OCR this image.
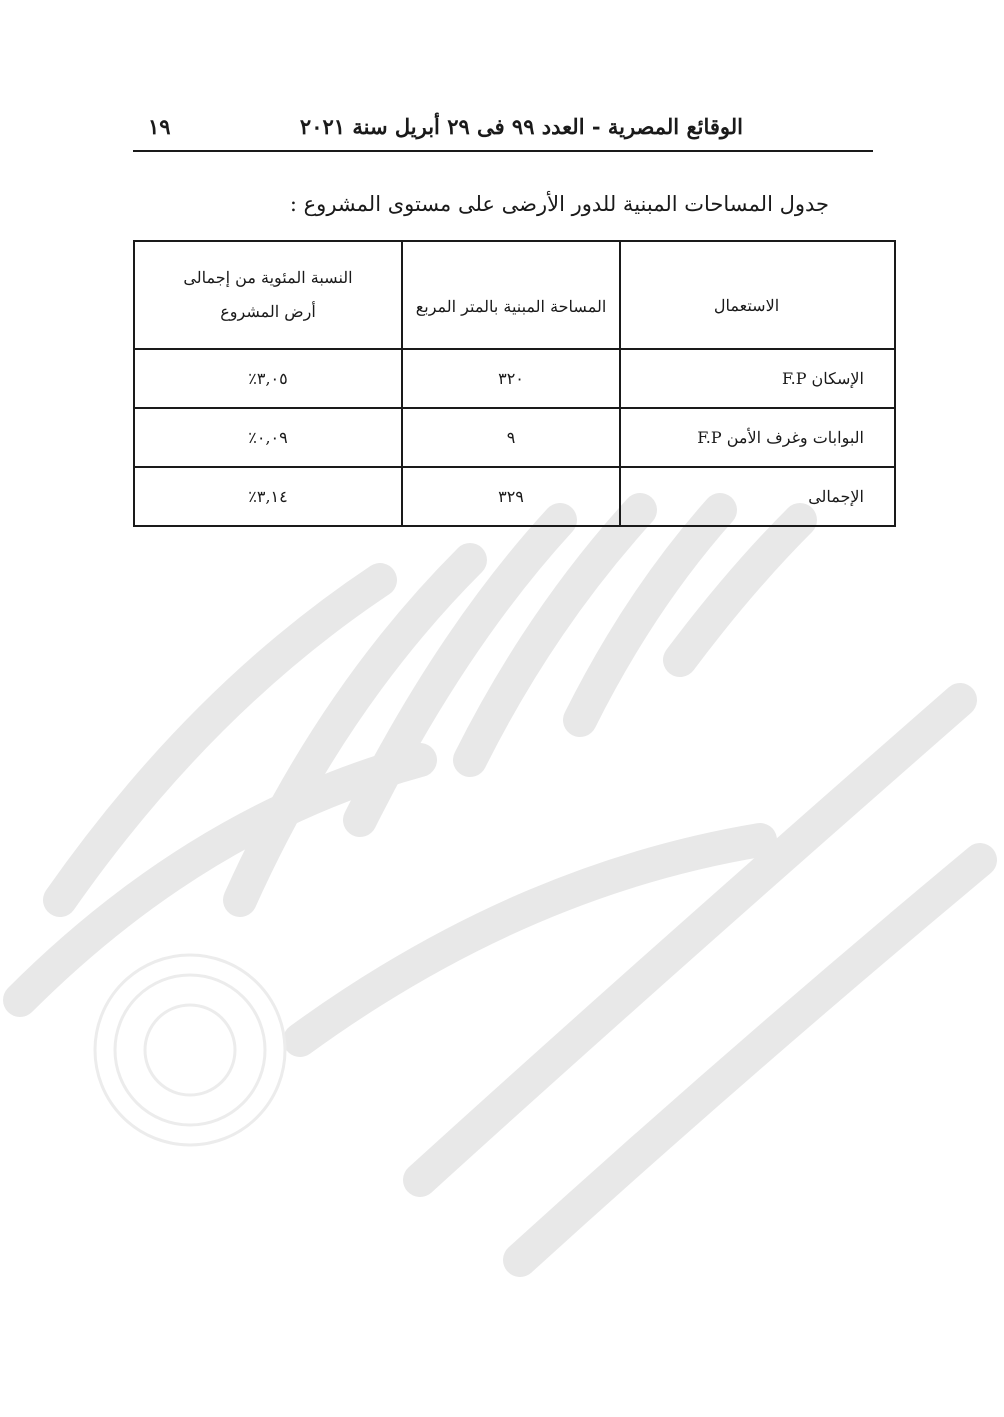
الوقائع المصرية - العدد ٩٩ فى ٢٩ أبريل سنة ٢٠٢١
١٩
جدول المساحات المبنية للدور الأرضى على مستوى المشروع :
الاستعمال	المساحة المبنية بالمتر المربع	النسبة المئوية من إجمالى
أرض المشروع

الإسكان F.P	٣٢٠	٣,٠٥٪
البوابات وغرف الأمن F.P	٩	٠,٠٩٪
الإجمالى	٣٢٩	٣,١٤٪
